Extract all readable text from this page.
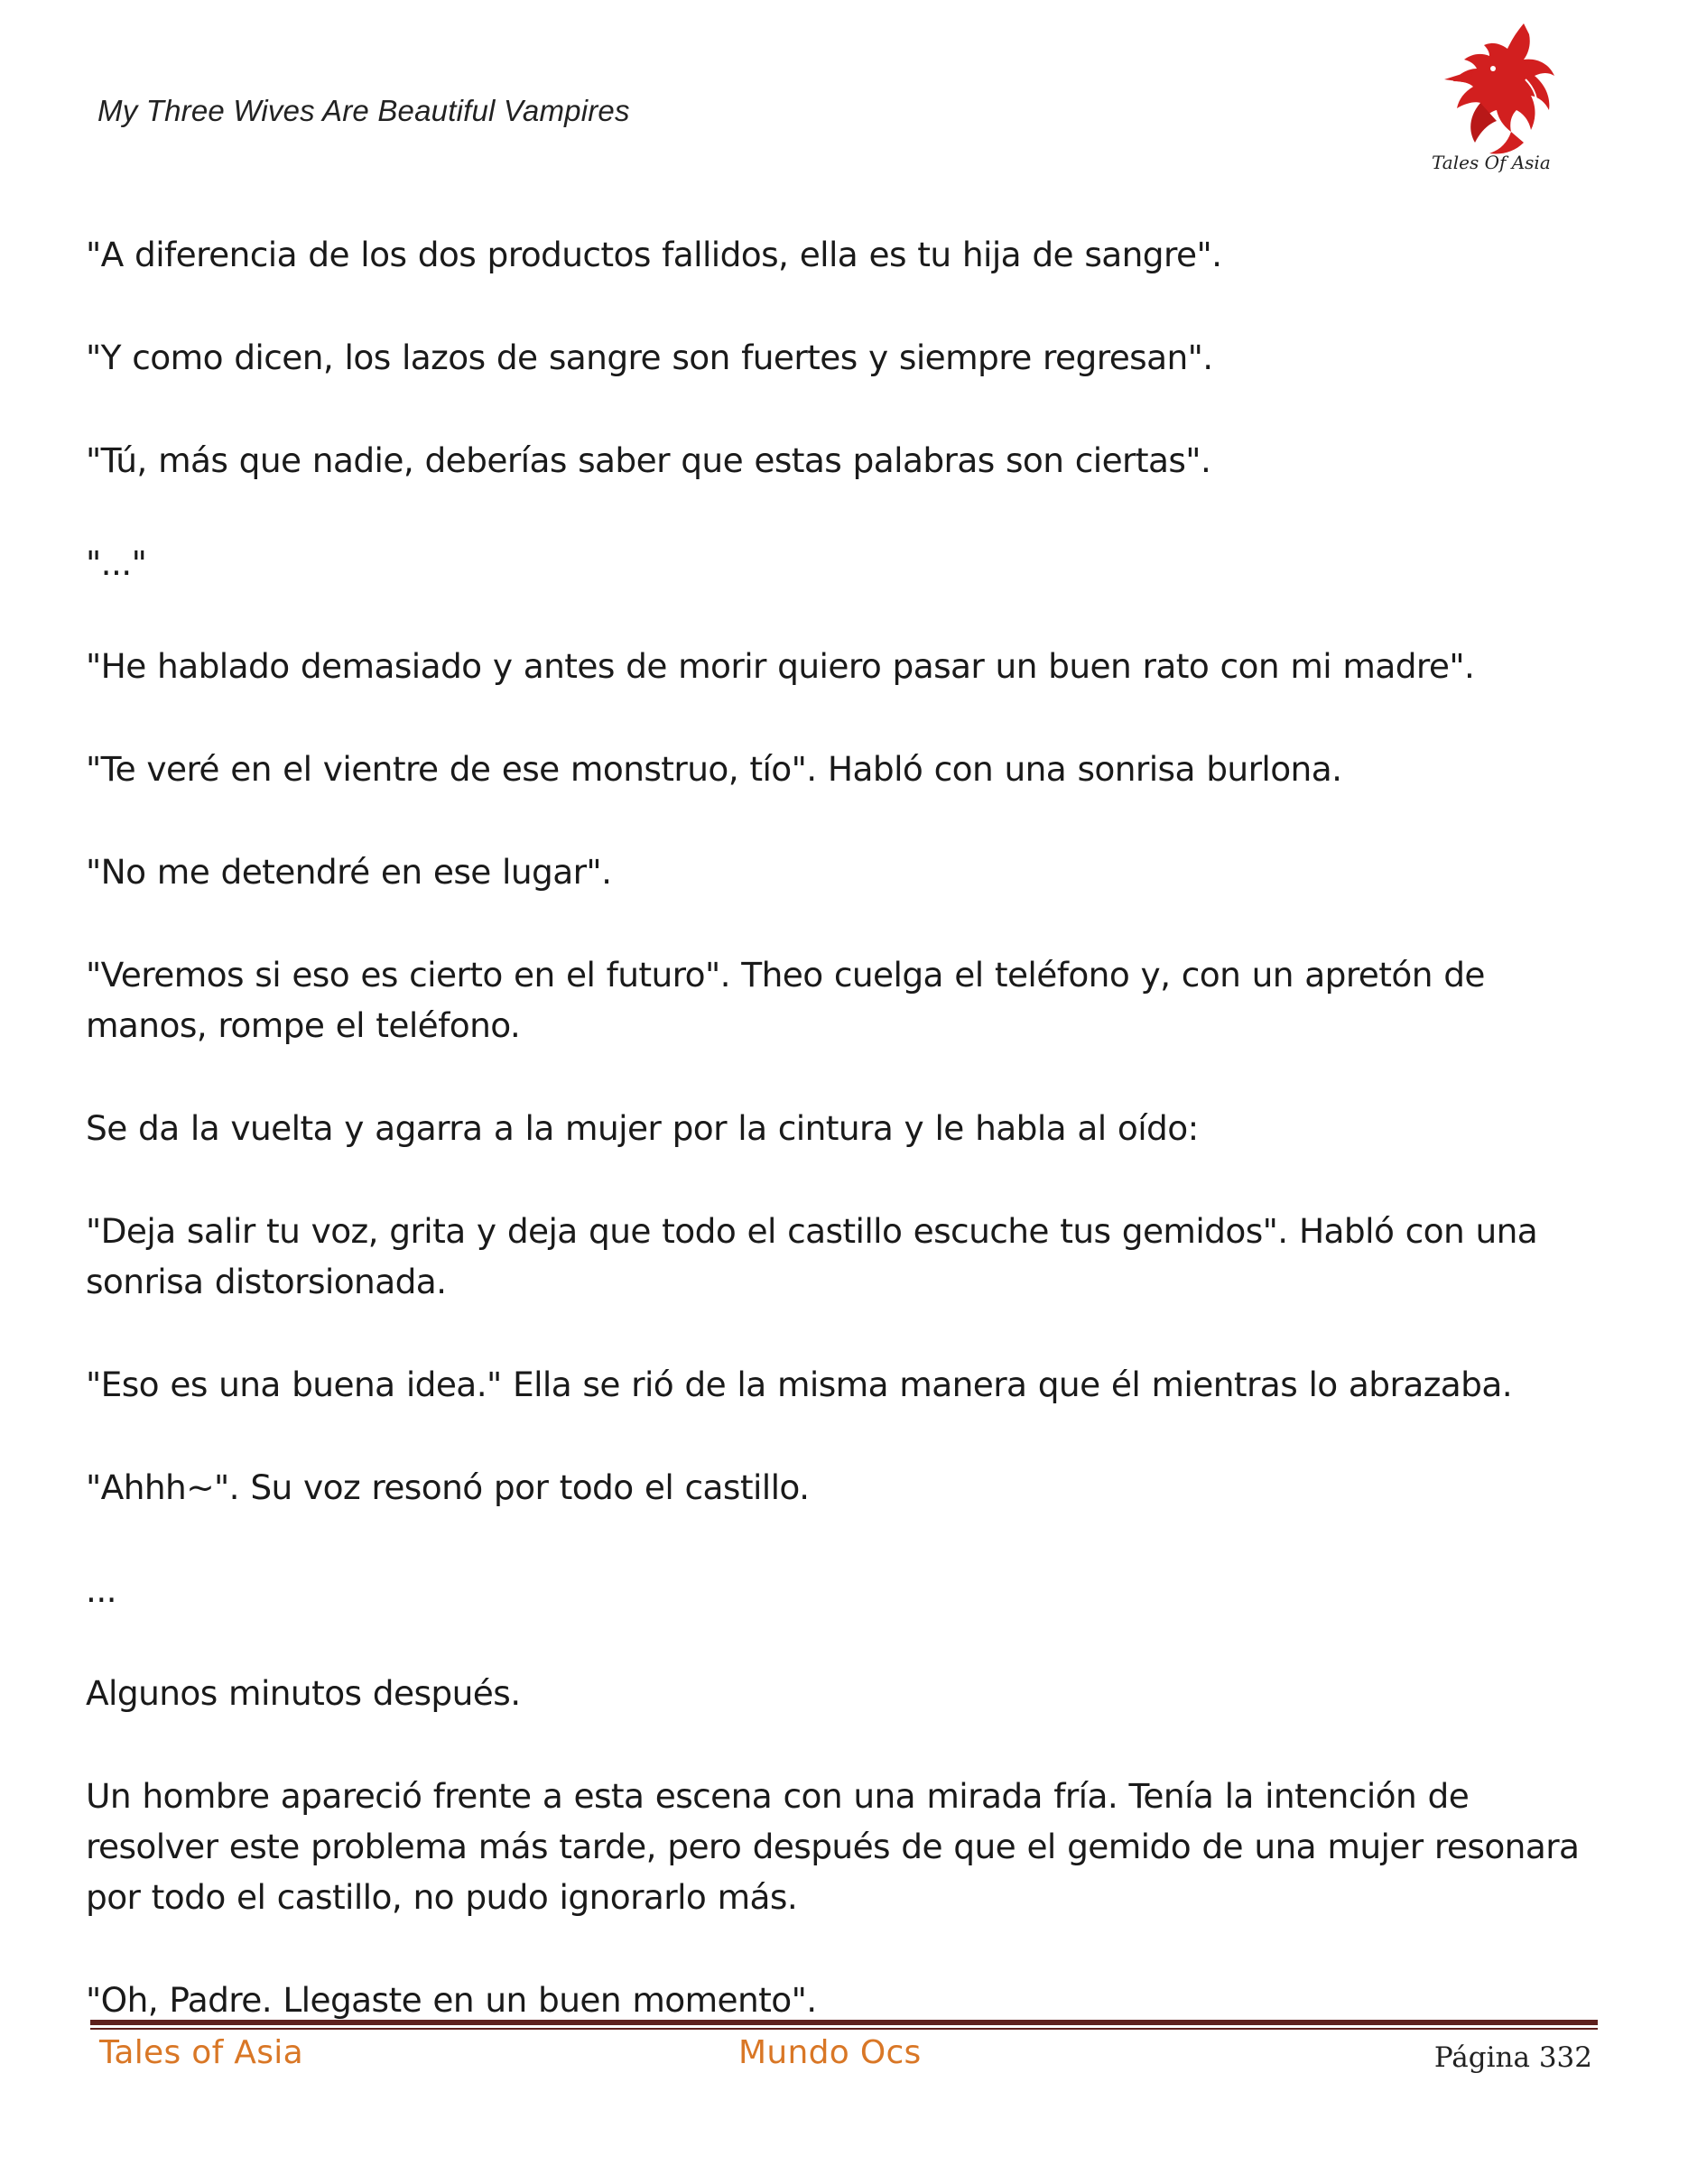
My Three Wives Are Beautiful Vampires
Tales Of Asia

"A diferencia de los dos productos fallidos, ella es tu hija de sangre".

"Y como dicen, los lazos de sangre son fuertes y siempre regresan".

"Tú, más que nadie, deberías saber que estas palabras son ciertas".

"..."

"He hablado demasiado y antes de morir quiero pasar un buen rato con mi madre".

"Te veré en el vientre de ese monstruo, tío". Habló con una sonrisa burlona.

"No me detendré en ese lugar".

"Veremos si eso es cierto en el futuro". Theo cuelga el teléfono y, con un apretón de manos, rompe el teléfono.

Se da la vuelta y agarra a la mujer por la cintura y le habla al oído:

"Deja salir tu voz, grita y deja que todo el castillo escuche tus gemidos". Habló con una sonrisa distorsionada.

"Eso es una buena idea." Ella se rió de la misma manera que él mientras lo abrazaba.

"Ahhh~". Su voz resonó por todo el castillo.

...

Algunos minutos después.

Un hombre apareció frente a esta escena con una mirada fría. Tenía la intención de resolver este problema más tarde, pero después de que el gemido de una mujer resonara por todo el castillo, no pudo ignorarlo más.

"Oh, Padre. Llegaste en un buen momento".

Tales of Asia	Mundo Ocs	Página 332
